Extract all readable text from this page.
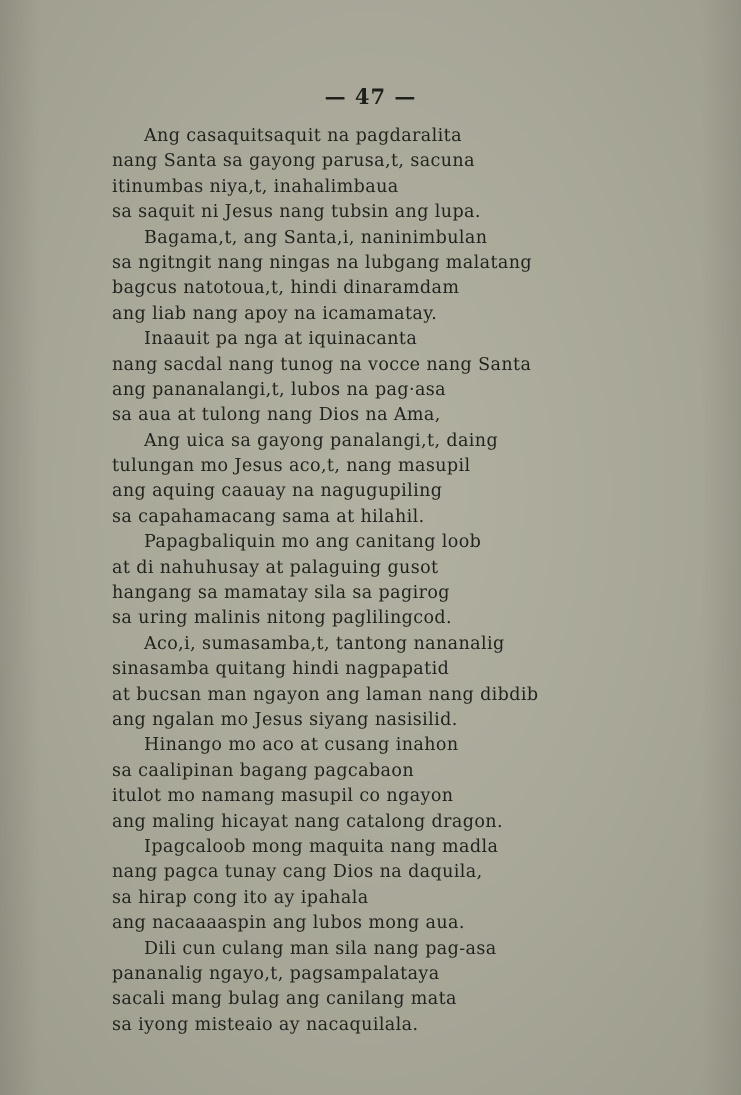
— 47 —
Ang casaquitsaquit na pagdaralita
nang Santa sa gayong parusa,t, sacuna
itinumbas niya,t, inahalimbaua
sa saquit ni Jesus nang tubsin ang lupa.
Bagama,t, ang Santa,i, naninimbulan
sa ngitngit nang ningas na lubgang malatang
bagcus natotoua,t, hindi dinaramdam
ang liab nang apoy na icamamatay.
Inaauit pa nga at iquinacanta
nang sacdal nang tunog na vocce nang Santa
ang pananalangi,t, lubos na pag·asa
sa aua at tulong nang Dios na Ama,
Ang uica sa gayong panalangi,t, daing
tulungan mo Jesus aco,t, nang masupil
ang aquing caauay na nagugupiling
sa capahamacang sama at hilahil.
Papagbaliquin mo ang canitang loob
at di nahuhusay at palaguing gusot
hangang sa mamatay sila sa pagirog
sa uring malinis nitong paglilingcod.
Aco,i, sumasamba,t, tantong nananalig
sinasamba quitang hindi nagpapatid
at bucsan man ngayon ang laman nang dibdib
ang ngalan mo Jesus siyang nasisilid.
Hinango mo aco at cusang inahon
sa caalipinan bagang pagcabaon
itulot mo namang masupil co ngayon
ang maling hicayat nang catalong dragon.
Ipagcaloob mong maquita nang madla
nang pagca tunay cang Dios na daquila,
sa hirap cong ito ay ipahala
ang nacaaaaspin ang lubos mong aua.
Dili cun culang man sila nang pag-asa
pananalig ngayo,t, pagsampalataya
sacali mang bulag ang canilang mata
sa iyong misteaio ay nacaquilala.
